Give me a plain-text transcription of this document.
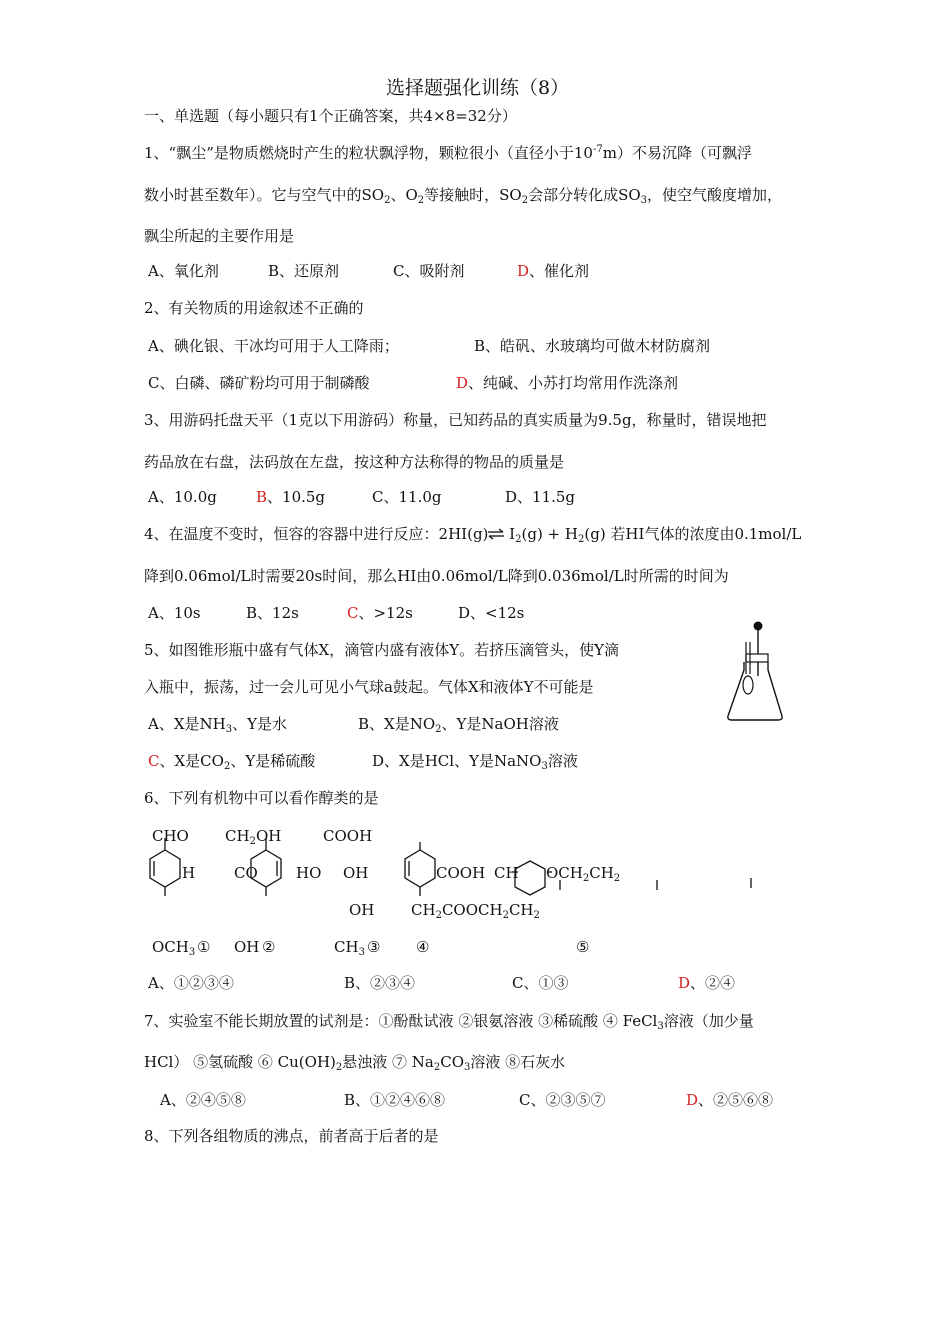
选择题强化训练（8）
一、单选题（每小题只有1个正确答案，共4×8=32分）
1、“飘尘”是物质燃烧时产生的粒状飘浮物，颗粒很小（直径小于$10^{-7}m$）不易沉降（可飘浮
数小时甚至数年）。它与空气中的$SO_2$、$O_2$等接触时，$SO_2$会部分转化成$SO_3$，使空气酸度增加，
飘尘所起的主要作用是
A、氧化剂	B、还原剂	C、吸附剂	D、催化剂
2、有关物质的用途叙述不正确的
A、碘化银、干冰均可用于人工降雨；	B、皓矾、水玻璃均可做木材防腐剂
C、白磷、磷矿粉均可用于制磷酸	D、纯碱、小苏打均常用作洗涤剂
3、用游码托盘天平（1克以下用游码）称量，已知药品的真实质量为9.5g，称量时，错误地把
药品放在右盘，法码放在左盘，按这种方法称得的物品的质量是
A、10.0g	B、10.5g	C、11.0g	D、11.5g
4、在温度不变时，恒容的容器中进行反应：2HI(g)⇌ $I_2(g) + H_2(g)$ 若HI气体的浓度由0.1mol/L
降到0.06mol/L时需要20s时间，那么HI由0.06mol/L降到0.036mol/L时所需的时间为
A、10s	B、12s	C、>12s	D、<12s
5、如图锥形瓶中盛有气体X，滴管内盛有液体Y。若挤压滴管头，使Y滴
入瓶中，振荡，过一会儿可见小气球a鼓起。气体X和液体Y不可能是
A、X是$NH_3$、Y是水	B、X是$NO_2$、Y是NaOH溶液
C、X是$CO_2$、Y是稀硫酸	D、X是HCl、Y是NaNO$_3$溶液
6、下列有机物中可以看作醇类的是
CHO $CH_2OH$	COOH
H	CO	HO OH	COOH CH $OCH_2CH_2$
OH $CH_2COOCH_2CH_2$
$OCH_3$ ① OH ②	$CH_3$ ③ ④	⑤
A、①②③④	B、②③④	C、①③	D、②④
7、实验室不能长期放置的试剂是：①酚酞试液 ②银氨溶液 ③稀硫酸 ④ FeCl$_3$溶液（加少量
HCl） ⑤氢硫酸 ⑥ $Cu(OH)_2$悬浊液 ⑦ $Na_2CO_3$溶液 ⑧石灰水
A、②④⑤⑧	B、①②④⑥⑧	C、②③⑤⑦	D、②⑤⑥⑧
8、下列各组物质的沸点，前者高于后者的是
